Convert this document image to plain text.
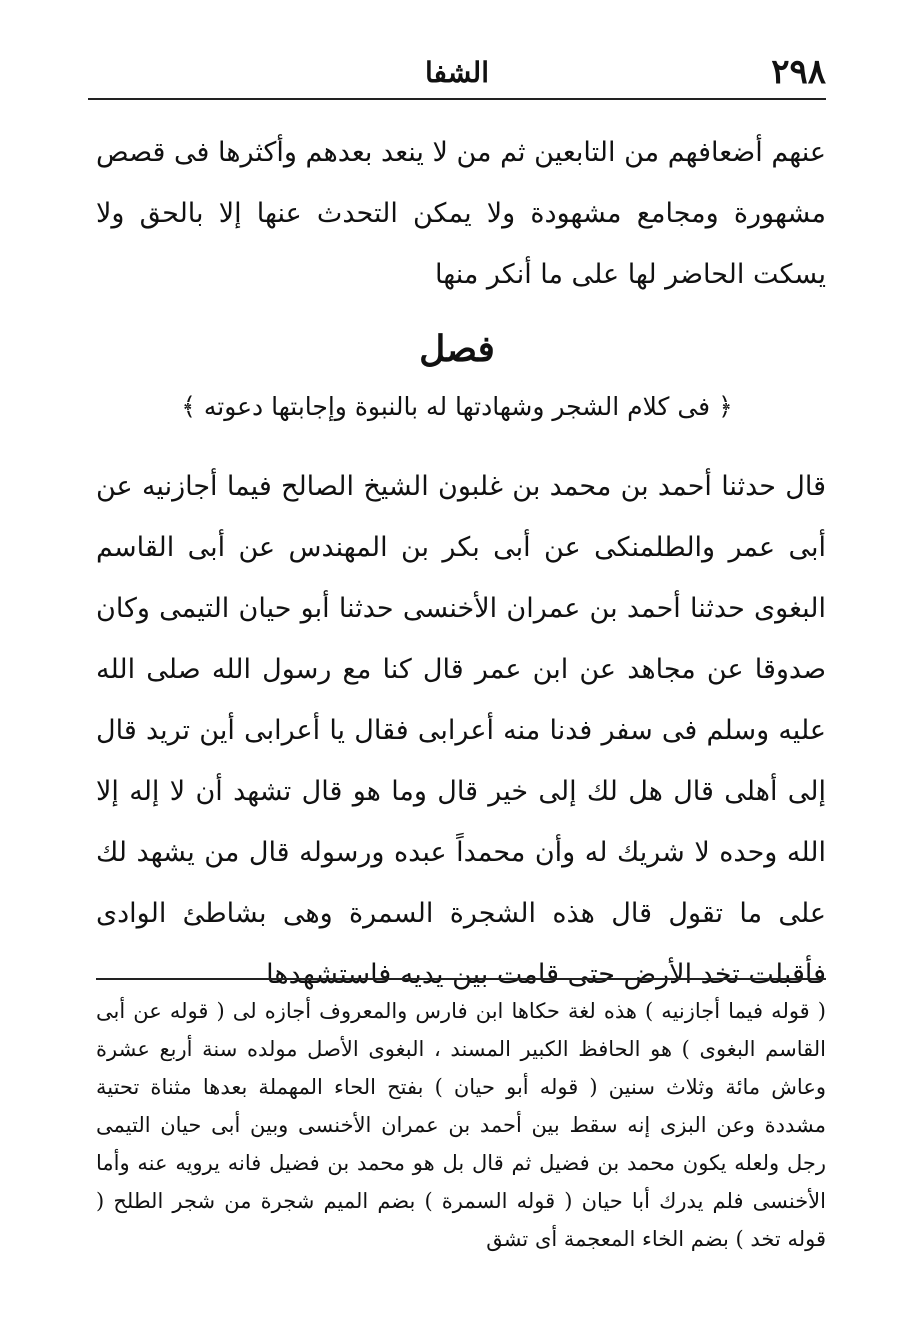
٢٩٨
الشفا

عنهم أضعافهم من التابعين ثم من لا ينعد بعدهم وأكثرها فى قصص مشهورة ومجامع مشهودة ولا يمكن التحدث عنها إلا بالحق ولا يسكت الحاضر لها على ما أنكر منها

فصل
﴿ فى كلام الشجر وشهادتها له بالنبوة وإجابتها دعوته ﴾

قال حدثنا أحمد بن محمد بن غلبون الشيخ الصالح فيما أجازنيه عن أبى عمر والطلمنكى عن أبى بكر بن المهندس عن أبى القاسم البغوى حدثنا أحمد بن عمران الأخنسى حدثنا أبو حيان التيمى وكان صدوقا عن مجاهد عن ابن عمر قال كنا مع رسول الله صلى الله عليه وسلم فى سفر فدنا منه أعرابى فقال يا أعرابى أين تريد قال إلى أهلى قال هل لك إلى خير قال وما هو قال تشهد أن لا إله إلا الله وحده لا شريك له وأن محمداً عبده ورسوله قال من يشهد لك على ما تقول قال هذه الشجرة السمرة وهى بشاطئ الوادى فأقبلت تخد الأرض حتى قامت بين يديه فاستشهدها

( قوله فيما أجازنيه ) هذه لغة حكاها ابن فارس والمعروف أجازه لى ( قوله عن أبى القاسم البغوى ) هو الحافظ الكبير المسند ، البغوى الأصل مولده سنة أربع عشرة وعاش مائة وثلاث سنين ( قوله أبو حيان ) بفتح الحاء المهملة بعدها مثناة تحتية مشددة وعن البزى إنه سقط بين أحمد بن عمران الأخنسى وبين أبى حيان التيمى رجل ولعله يكون محمد بن فضيل ثم قال بل هو محمد بن فضيل فانه يرويه عنه وأما الأخنسى فلم يدرك أبا حيان ( قوله السمرة ) بضم الميم شجرة من شجر الطلح ( قوله تخد ) بضم الخاء المعجمة أى تشق
